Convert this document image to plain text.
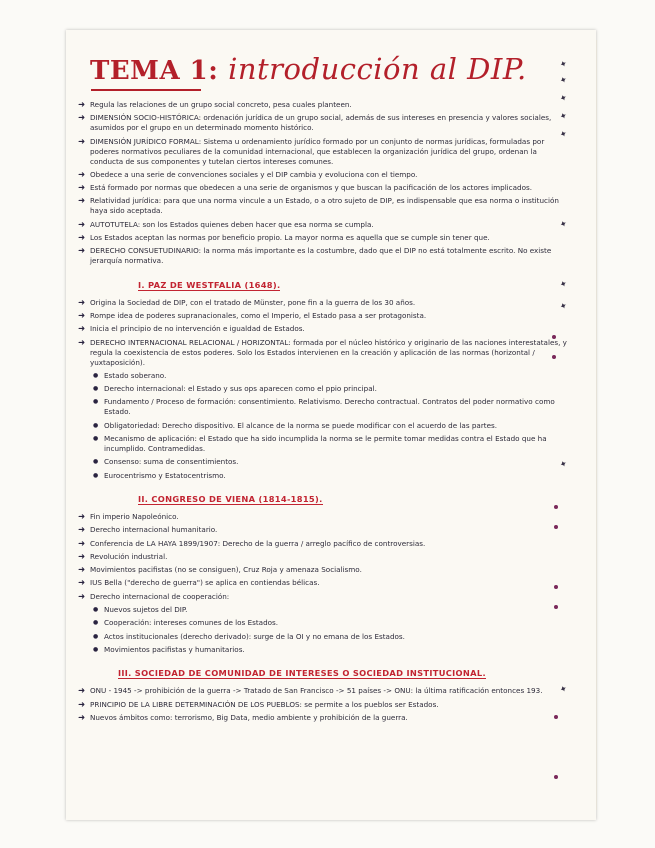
TEMA 1: introducción al DIP.	✦
✦
✦
✦
✦
✦
✦
✦
✦
✦
➜ Regula las relaciones de un grupo social concreto, pesa cuales planteen.
➜ DIMENSIÓN SOCIO-HISTÓRICA: ordenación jurídica de un grupo social, además de sus intereses en presencia y valores sociales, asumidos por el grupo en un determinado momento histórico.
➜ DIMENSIÓN JURÍDICO FORMAL: Sistema u ordenamiento jurídico formado por un conjunto de normas jurídicas, formuladas por poderes normativos peculiares de la comunidad internacional, que establecen la organización jurídica del grupo, ordenan la conducta de sus componentes y tutelan ciertos intereses comunes.
➜ Obedece a una serie de convenciones sociales y el DIP cambia y evoluciona con el tiempo.
➜ Está formado por normas que obedecen a una serie de organismos y que buscan la pacificación de los actores implicados.
➜ Relatividad jurídica: para que una norma vincule a un Estado, o a otro sujeto de DIP, es indispensable que esa norma o institución haya sido aceptada.
➜ AUTOTUTELA: son los Estados quienes deben hacer que esa norma se cumpla.
➜ Los Estados aceptan las normas por beneficio propio. La mayor norma es aquella que se cumple sin tener que.
➜ DERECHO CONSUETUDINARIO: la norma más importante es la costumbre, dado que el DIP no está totalmente escrito. No existe jerarquía normativa.
I. PAZ DE WESTFALIA (1648).
➜ Origina la Sociedad de DIP, con el tratado de Münster, pone fin a la guerra de los 30 años.
➜ Rompe idea de poderes supranacionales, como el Imperio, el Estado pasa a ser protagonista.
➜ Inicia el principio de no intervención e igualdad de Estados.
➜ DERECHO INTERNACIONAL RELACIONAL / HORIZONTAL: formada por el núcleo histórico y originario de las naciones interestatales, y regula la coexistencia de estos poderes. Solo los Estados intervienen en la creación y aplicación de las normas (horizontal / yuxtaposición).
● Estado soberano.
● Derecho internacional: el Estado y sus ops aparecen como el ppio principal.
● Fundamento / Proceso de formación: consentimiento. Relativismo. Derecho contractual. Contratos del poder normativo como Estado.
● Obligatoriedad: Derecho dispositivo. El alcance de la norma se puede modificar con el acuerdo de las partes.
● Mecanismo de aplicación: el Estado que ha sido incumplida la norma se le permite tomar medidas contra el Estado que ha incumplido. Contramedidas.
● Consenso: suma de consentimientos.
● Eurocentrismo y Estatocentrismo.
II. CONGRESO DE VIENA (1814-1815).
➜ Fin imperio Napoleónico.
➜ Derecho internacional humanitario.
➜ Conferencia de LA HAYA 1899/1907: Derecho de la guerra / arreglo pacífico de controversias.
➜ Revolución industrial.
➜ Movimientos pacifistas (no se consiguen), Cruz Roja y amenaza Socialismo.
➜ IUS Bella ("derecho de guerra") se aplica en contiendas bélicas.
➜ Derecho internacional de cooperación:
● Nuevos sujetos del DIP.
● Cooperación: intereses comunes de los Estados.
● Actos institucionales (derecho derivado): surge de la OI y no emana de los Estados.
● Movimientos pacifistas y humanitarios.
III. SOCIEDAD DE COMUNIDAD DE INTERESES O SOCIEDAD INSTITUCIONAL.
➜ ONU - 1945 -> prohibición de la guerra -> Tratado de San Francisco -> 51 países -> ONU: la última ratificación entonces 193.
➜ PRINCIPIO DE LA LIBRE DETERMINACIÓN DE LOS PUEBLOS: se permite a los pueblos ser Estados.
➜ Nuevos ámbitos como: terrorismo, Big Data, medio ambiente y prohibición de la guerra.
